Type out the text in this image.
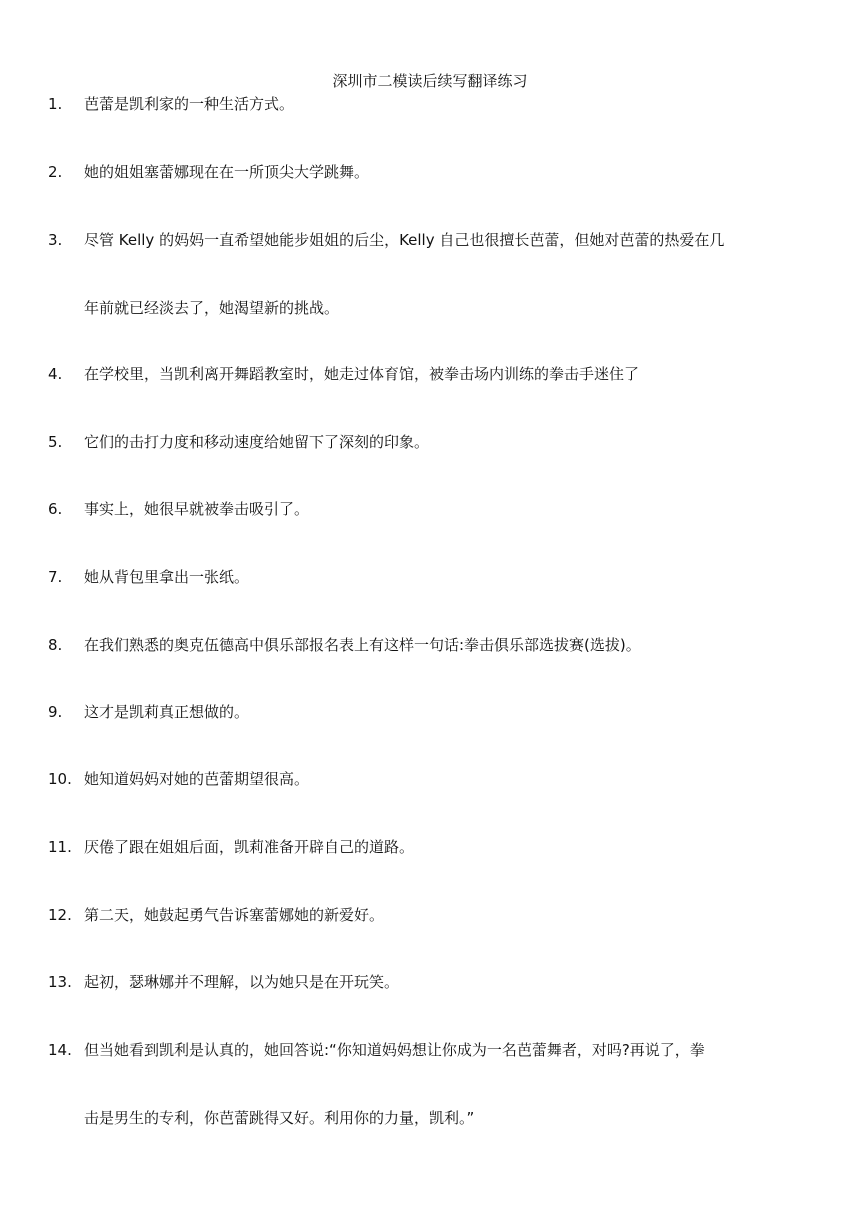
深圳市二模读后续写翻译练习
1.	芭蕾是凯利家的一种生活方式。
2.	她的姐姐塞蕾娜现在在一所顶尖大学跳舞。
3.	尽管 Kelly 的妈妈一直希望她能步姐姐的后尘，Kelly 自己也很擅长芭蕾，但她对芭蕾的热爱在几
年前就已经淡去了，她渴望新的挑战。
4.	在学校里，当凯利离开舞蹈教室时，她走过体育馆，被拳击场内训练的拳击手迷住了
5.	它们的击打力度和移动速度给她留下了深刻的印象。
6.	事实上，她很早就被拳击吸引了。
7.	她从背包里拿出一张纸。
8.	在我们熟悉的奥克伍德高中俱乐部报名表上有这样一句话:拳击俱乐部选拔赛(选拔)。
9.	这才是凯莉真正想做的。
10. 她知道妈妈对她的芭蕾期望很高。
11. 厌倦了跟在姐姐后面，凯莉准备开辟自己的道路。
12. 第二天，她鼓起勇气告诉塞蕾娜她的新爱好。
13. 起初，瑟琳娜并不理解，以为她只是在开玩笑。
14. 但当她看到凯利是认真的，她回答说:“你知道妈妈想让你成为一名芭蕾舞者，对吗?再说了，拳
击是男生的专利，你芭蕾跳得又好。利用你的力量，凯利。”
